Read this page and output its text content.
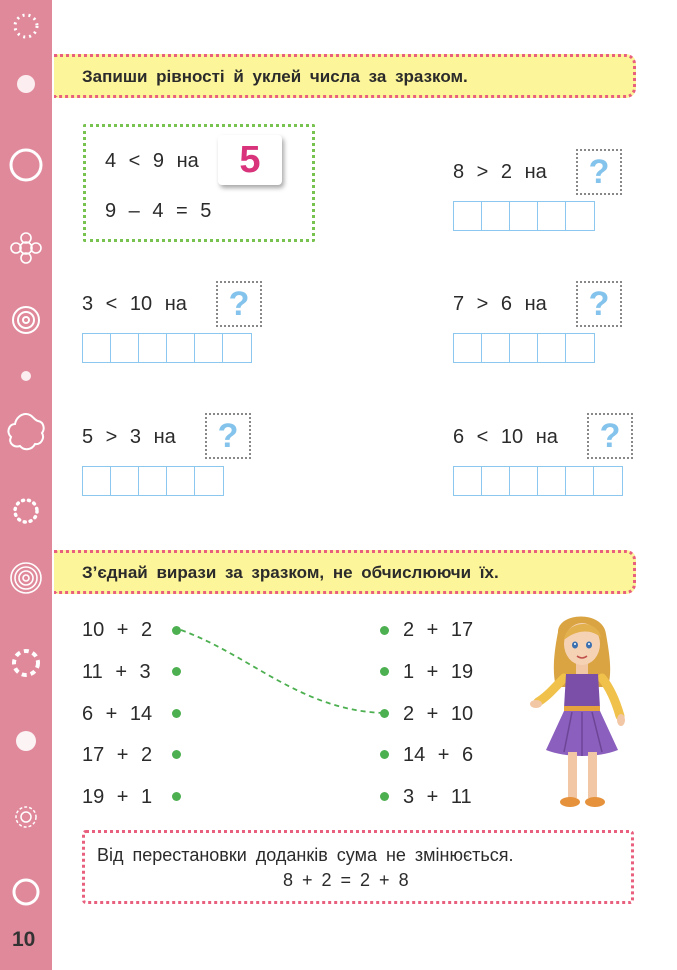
10
Запиши рівності й уклей числа за зразком.
4 < 9 на
9 – 4 = 5
5	8 > 2 на	?
3 < 10 на	?	7 > 6 на	?
5 > 3 на	?	6 < 10 на	?
З’єднай вирази за зразком, не обчислюючи їх.
10 + 2
11 + 3
6 + 14
17 + 2
19 + 1
2 + 17
1 + 19
2 + 10
14 + 6
3 + 11
Від перестановки доданків сума не змінюється.
8 + 2 = 2 + 8
